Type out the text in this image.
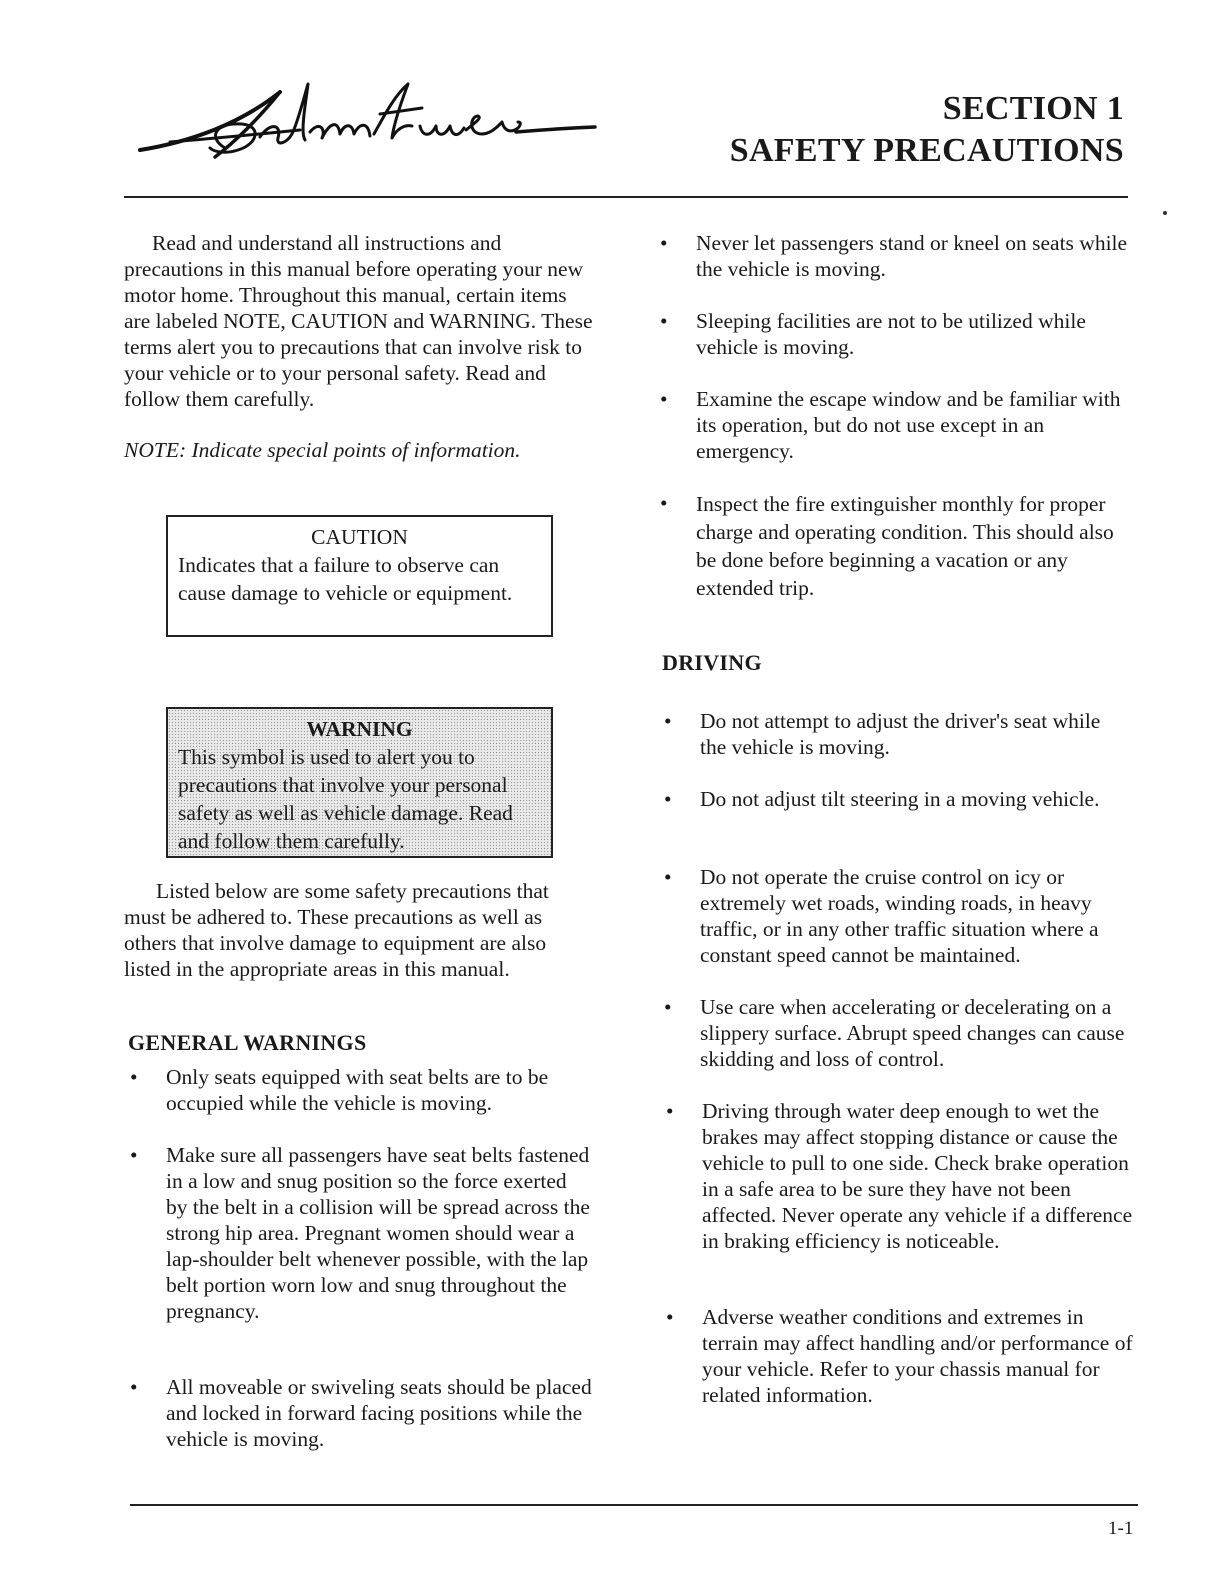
Adventurer
SECTION 1
SAFETY PRECAUTIONS
Read and understand all instructions and precautions in this manual before operating your new motor home. Throughout this manual, certain items are labeled NOTE, CAUTION and WARNING. These terms alert you to precautions that can involve risk to your vehicle or to your personal safety. Read and follow them carefully.
NOTE: Indicate special points of information.
CAUTION
Indicates that a failure to observe can cause damage to vehicle or equipment.
WARNING
This symbol is used to alert you to precautions that involve your personal safety as well as vehicle damage. Read and follow them carefully.
Listed below are some safety precautions that must be adhered to. These precautions as well as others that involve damage to equipment are also listed in the appropriate areas in this manual.
GENERAL WARNINGS
• Only seats equipped with seat belts are to be occupied while the vehicle is moving.
• Make sure all passengers have seat belts fastened in a low and snug position so the force exerted by the belt in a collision will be spread across the strong hip area. Pregnant women should wear a lap-shoulder belt whenever possible, with the lap belt portion worn low and snug throughout the pregnancy.
• All moveable or swiveling seats should be placed and locked in forward facing positions while the vehicle is moving.
• Never let passengers stand or kneel on seats while the vehicle is moving.
• Sleeping facilities are not to be utilized while vehicle is moving.
• Examine the escape window and be familiar with its operation, but do not use except in an emergency.
• Inspect the fire extinguisher monthly for proper charge and operating condition. This should also be done before beginning a vacation or any extended trip.
DRIVING
• Do not attempt to adjust the driver's seat while the vehicle is moving.
• Do not adjust tilt steering in a moving vehicle.
• Do not operate the cruise control on icy or extremely wet roads, winding roads, in heavy traffic, or in any other traffic situation where a constant speed cannot be maintained.
• Use care when accelerating or decelerating on a slippery surface. Abrupt speed changes can cause skidding and loss of control.
• Driving through water deep enough to wet the brakes may affect stopping distance or cause the vehicle to pull to one side. Check brake operation in a safe area to be sure they have not been affected. Never operate any vehicle if a difference in braking efficiency is noticeable.
• Adverse weather conditions and extremes in terrain may affect handling and/or performance of your vehicle. Refer to your chassis manual for related information.
1-1
